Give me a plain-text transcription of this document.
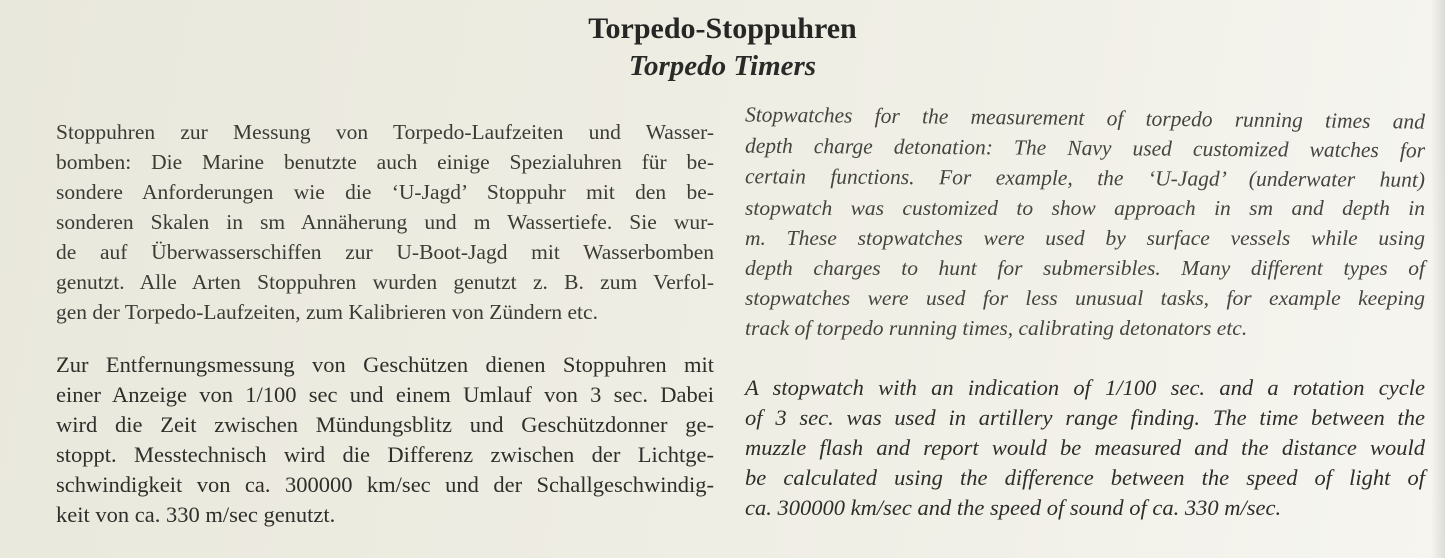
Torpedo-Stoppuhren
Torpedo Timers
Stoppuhren zur Messung von Torpedo-Laufzeiten und Wasser-
bomben: Die Marine benutzte auch einige Spezialuhren für be-
sondere Anforderungen wie die ‘U-Jagd’ Stoppuhr mit den be-
sonderen Skalen in sm Annäherung und m Wassertiefe. Sie wur-
de auf Überwasserschiffen zur U-Boot-Jagd mit Wasserbomben
genutzt. Alle Arten Stoppuhren wurden genutzt z. B. zum Verfol-
gen der Torpedo-Laufzeiten, zum Kalibrieren von Zündern etc.
Zur Entfernungsmessung von Geschützen dienen Stoppuhren mit
einer Anzeige von 1/100 sec und einem Umlauf von 3 sec. Dabei
wird die Zeit zwischen Mündungsblitz und Geschützdonner ge-
stoppt. Messtechnisch wird die Differenz zwischen der Lichtge-
schwindigkeit von ca. 300000 km/sec und der Schallgeschwindig-
keit von ca. 330 m/sec genutzt.
Stopwatches for the measurement of torpedo running times and
depth charge detonation: The Navy used customized watches for
certain functions. For example, the ‘U-Jagd’ (underwater hunt)
stopwatch was customized to show approach in sm and depth in
m. These stopwatches were used by surface vessels while using
depth charges to hunt for submersibles. Many different types of
stopwatches were used for less unusual tasks, for example keeping
track of torpedo running times, calibrating detonators etc.
A stopwatch with an indication of 1/100 sec. and a rotation cycle
of 3 sec. was used in artillery range finding. The time between the
muzzle flash and report would be measured and the distance would
be calculated using the difference between the speed of light of
ca. 300000 km/sec and the speed of sound of ca. 330 m/sec.
